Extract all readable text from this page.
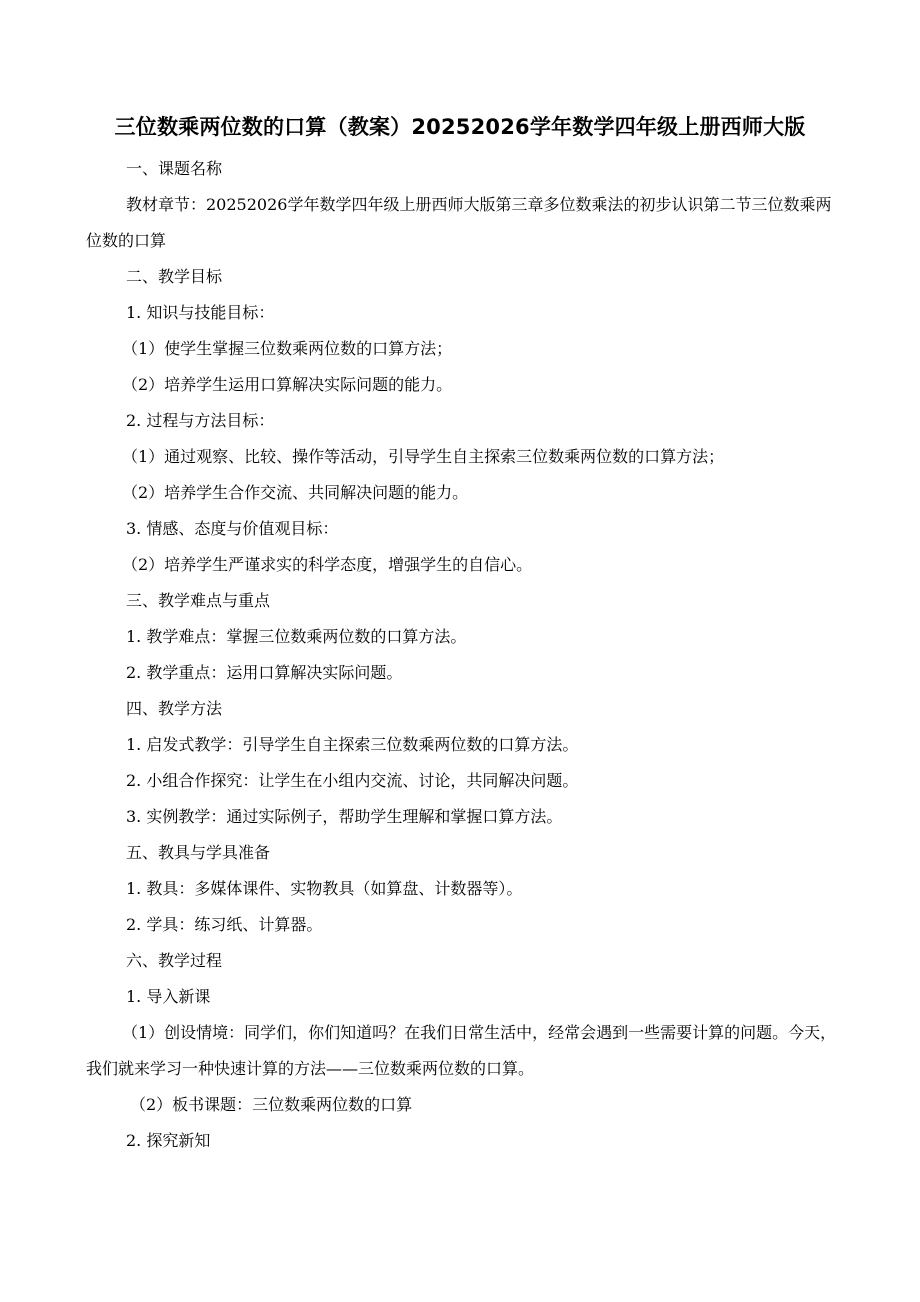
三位数乘两位数的口算（教案）20252026学年数学四年级上册西师大版
一、课题名称
教材章节：20252026学年数学四年级上册西师大版第三章多位数乘法的初步认识第二节三位数乘两位数的口算
二、教学目标
1. 知识与技能目标：
（1）使学生掌握三位数乘两位数的口算方法；
（2）培养学生运用口算解决实际问题的能力。
2. 过程与方法目标：
（1）通过观察、比较、操作等活动，引导学生自主探索三位数乘两位数的口算方法；
（2）培养学生合作交流、共同解决问题的能力。
3. 情感、态度与价值观目标：
（2）培养学生严谨求实的科学态度，增强学生的自信心。
三、教学难点与重点
1. 教学难点：掌握三位数乘两位数的口算方法。
2. 教学重点：运用口算解决实际问题。
四、教学方法
1. 启发式教学：引导学生自主探索三位数乘两位数的口算方法。
2. 小组合作探究：让学生在小组内交流、讨论，共同解决问题。
3. 实例教学：通过实际例子，帮助学生理解和掌握口算方法。
五、教具与学具准备
1. 教具：多媒体课件、实物教具（如算盘、计数器等）。
2. 学具：练习纸、计算器。
六、教学过程
1. 导入新课
（1）创设情境：同学们，你们知道吗？在我们日常生活中，经常会遇到一些需要计算的问题。今天，我们就来学习一种快速计算的方法——三位数乘两位数的口算。
（2）板书课题：三位数乘两位数的口算
2. 探究新知
